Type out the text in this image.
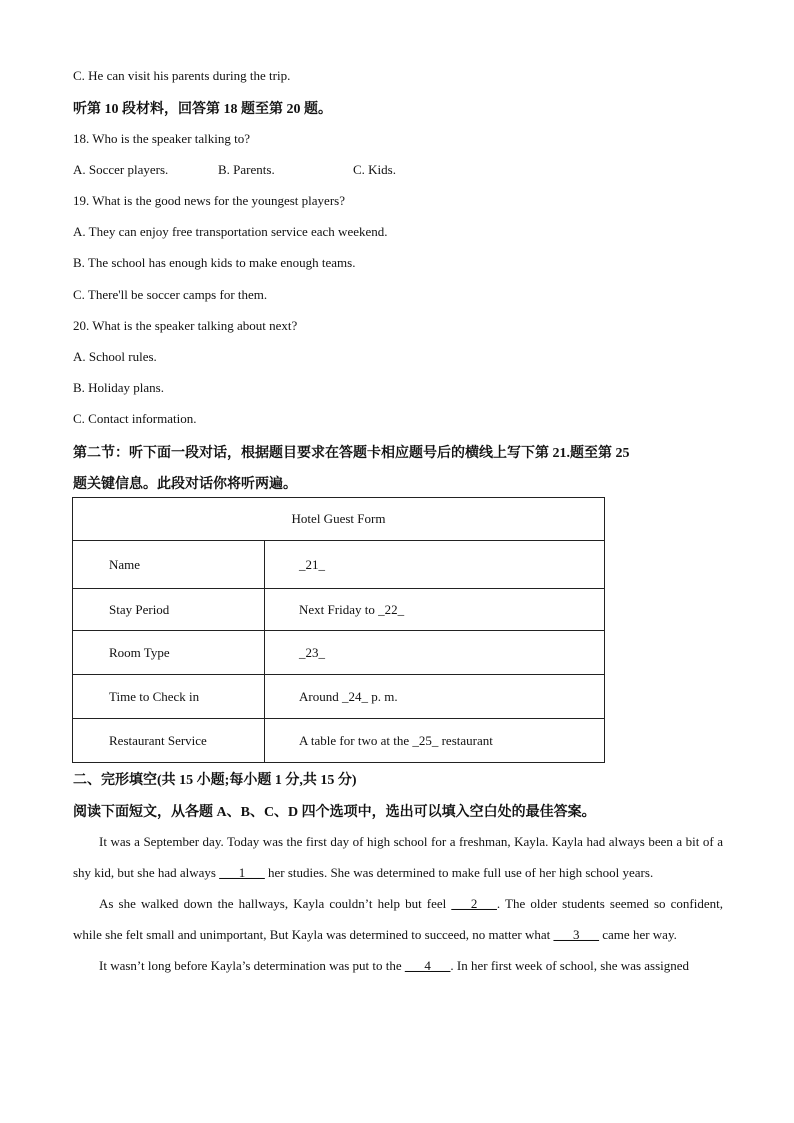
C. He can visit his parents during the trip.
听第 10 段材料，回答第 18 题至第 20 题。
18. Who is the speaker talking to?
A. Soccer players.	B. Parents.	C. Kids.
19. What is the good news for the youngest players?
A. They can enjoy free transportation service each weekend.
B. The school has enough kids to make enough teams.
C. There'll be soccer camps for them.
20. What is the speaker talking about next?
A. School rules.
B. Holiday plans.
C. Contact information.
第二节：听下面一段对话，根据题目要求在答题卡相应题号后的横线上写下第 21.题至第 25
题关键信息。此段对话你将听两遍。
Hotel Guest Form	
Name	_21_
Stay Period	Next Friday to _22_
Room Type	_23_
Time to Check in	Around _24_ p. m.
Restaurant Service	A table for two at the _25_ restaurant
二、完形填空(共 15 小题;每小题 1 分,共 15 分)
阅读下面短文，从各题 A、B、C、D 四个选项中，选出可以填入空白处的最佳答案。

It was a September day. Today was the first day of high school for a freshman, Kayla. Kayla had always been a bit of a shy kid, but she had always ___1___ her studies. She was determined to make full use of her high school years.

As she walked down the hallways, Kayla couldn’t help but feel ___2___. The older students seemed so confident, while she felt small and unimportant, But Kayla was determined to succeed, no matter what ___3___ came her way.

It wasn’t long before Kayla’s determination was put to the ___4___. In her first week of school, she was assigned
